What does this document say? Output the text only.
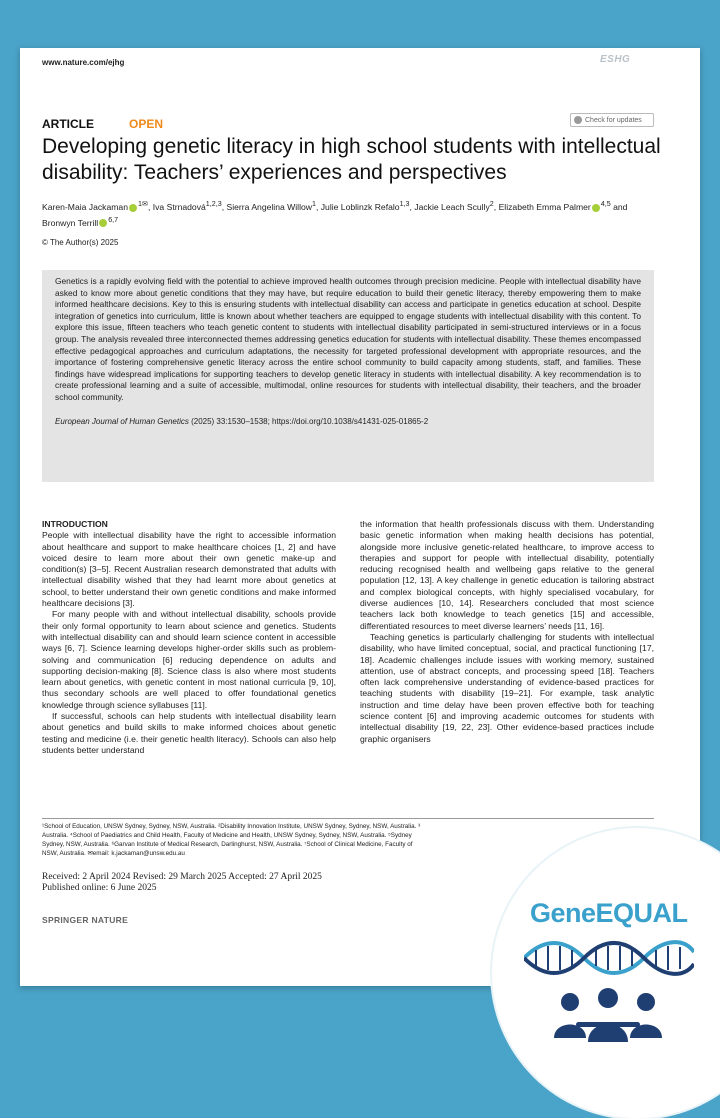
www.nature.com/ejhg	ESHG
ARTICLE	OPEN	Check for updates
Developing genetic literacy in high school students with intellectual disability: Teachers’ experiences and perspectives
Karen-Maia Jackaman $^{1✉}$, Iva Strnadová$^{1,2,3}$, Sierra Angelina Willow$^1$, Julie Loblinzk Refalo$^{1,3}$, Jackie Leach Scully$^2$, Elizabeth Emma Palmer $^{4,5}$ and Bronwyn Terrill $^{6,7}$
© The Author(s) 2025

Genetics is a rapidly evolving field with the potential to achieve improved health outcomes through precision medicine. People with intellectual disability have asked to know more about genetic conditions that they may have, but require education to build their genetic literacy, thereby empowering them to make informed healthcare decisions. Key to this is ensuring students with intellectual disability can access and participate in genetics education at school. Despite integration of genetics into curriculum, little is known about whether teachers are equipped to engage students with intellectual disability with this content. To explore this issue, fifteen teachers who teach genetic content to students with intellectual disability participated in semi-structured interviews or in a focus group. The analysis revealed three interconnected themes addressing genetics education for students with intellectual disability. These themes encompassed effective pedagogical approaches and curriculum adaptations, the necessity for targeted professional development with appropriate resources, and the importance of fostering comprehensive genetic literacy across the entire school community to build capacity among students, staff, and families. These findings have widespread implications for supporting teachers to develop genetic literacy in students with intellectual disability. A key recommendation is to create professional learning and a suite of accessible, multimodal, online resources for students with intellectual disability, their teachers, and the broader school community.

European Journal of Human Genetics (2025) 33:1530–1538; https://doi.org/10.1038/s41431-025-01865-2

INTRODUCTION

People with intellectual disability have the right to accessible information about healthcare and support to make healthcare choices [1, 2] and have voiced desire to learn more about their own genetic make-up and condition(s) [3–5]. Recent Australian research demonstrated that adults with intellectual disability wished that they had learnt more about genetics at school, to better understand their own genetic conditions and make informed healthcare decisions [3].

For many people with and without intellectual disability, schools provide their only formal opportunity to learn about science and genetics. Students with intellectual disability can and should learn science content in accessible ways [6, 7]. Science learning develops higher-order skills such as problem-solving and communication [6] reducing dependence on adults and supporting decision-making [8]. Science class is also where most students learn about genetics, with genetic content in most national curricula [9, 10], thus secondary schools are well placed to offer foundational genetics knowledge through science syllabuses [11].

If successful, schools can help students with intellectual disability learn about genetics and build skills to make informed choices about genetic testing and medicine (i.e. their genetic health literacy). Schools can also help students better understand

the information that health professionals discuss with them. Understanding basic genetic information when making health decisions has potential, alongside more inclusive genetic-related healthcare, to improve access to therapies and support for people with intellectual disability, potentially reducing recognised health and wellbeing gaps relative to the general population [12, 13]. A key challenge in genetic education is tailoring abstract and complex biological concepts, with highly specialised vocabulary, for diverse audiences [10, 14]. Researchers concluded that most science teachers lack both knowledge to teach genetics [15] and accessible, differentiated resources to meet diverse learners’ needs [11, 16].

Teaching genetics is particularly challenging for students with intellectual disability, who have limited conceptual, social, and practical functioning [17, 18]. Academic challenges include issues with working memory, sustained attention, use of abstract concepts, and processing speed [18]. Teachers often lack comprehensive understanding of evidence-based practices for teaching students with disability [19–21]. For example, task analytic instruction and time delay have been proven effective both for teaching science content [6] and improving academic outcomes for students with intellectual disability [19, 22, 23]. Other evidence-based practices include graphic organisers

¹School of Education, UNSW Sydney, Sydney, NSW, Australia. ²Disability Innovation Institute, UNSW Sydney, Sydney, NSW, Australia. ³
Australia. ⁴School of Paediatrics and Child Health, Faculty of Medicine and Health, UNSW Sydney, Sydney, NSW, Australia. ⁵Sydney
Sydney, NSW, Australia. ⁶Garvan Institute of Medical Research, Darlinghurst, NSW, Australia. ⁷School of Clinical Medicine, Faculty of
NSW, Australia. ✉email: k.jackaman@unsw.edu.au
Received: 2 April 2024 Revised: 29 March 2025 Accepted: 27 April 2025
Published online: 6 June 2025
SPRINGER NATURE	GeneEQUAL
